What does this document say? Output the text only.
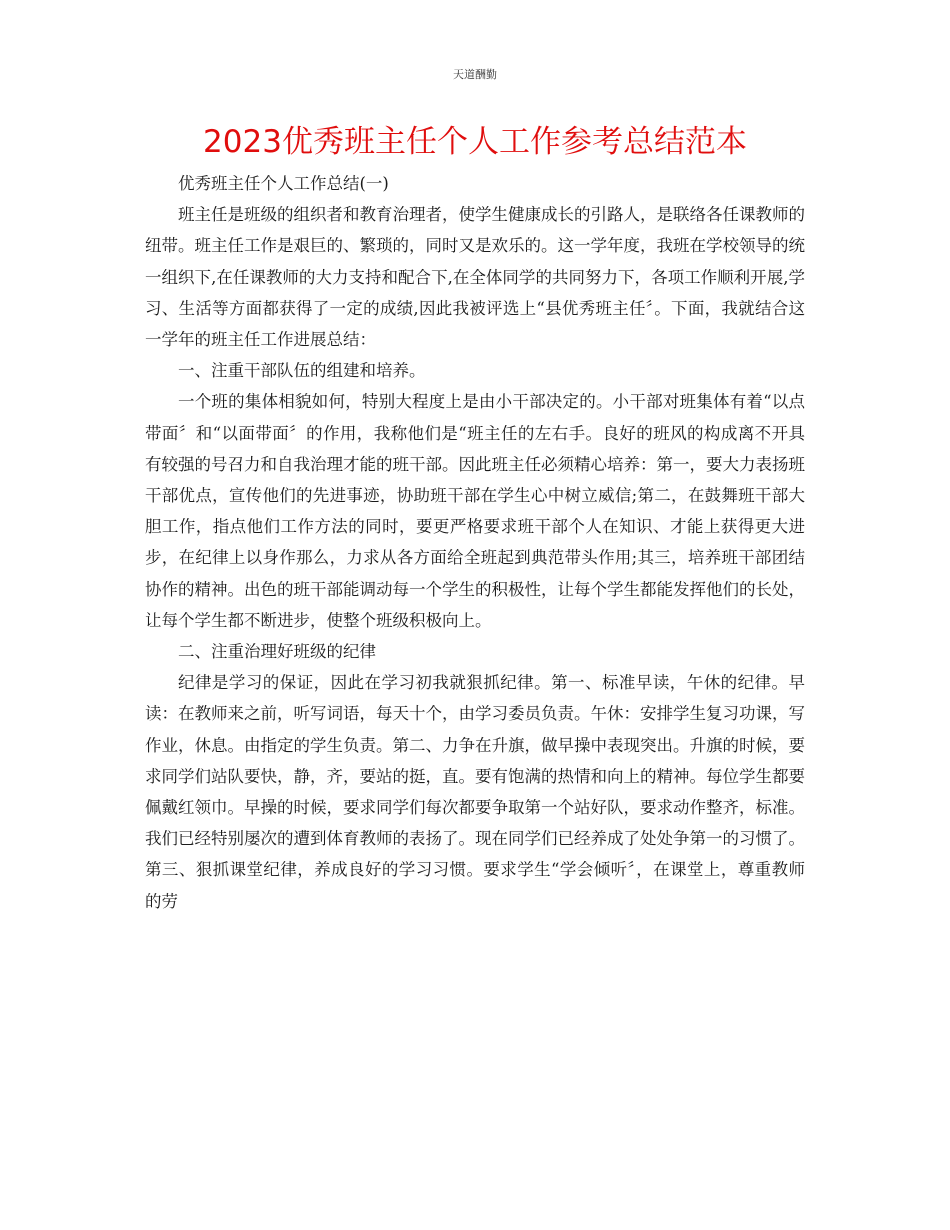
天道酬勤
2023优秀班主任个人工作参考总结范本

优秀班主任个人工作总结(一)

班主任是班级的组织者和教育治理者，使学生健康成长的引路人，是联络各任课教师的纽带。班主任工作是艰巨的、繁琐的，同时又是欢乐的。这一学年度，我班在学校领导的统一组织下,在任课教师的大力支持和配合下,在全体同学的共同努力下，各项工作顺利开展,学习、生活等方面都获得了一定的成绩,因此我被评选上“县优秀班主任〞。下面，我就结合这一学年的班主任工作进展总结：

一、注重干部队伍的组建和培养。

一个班的集体相貌如何，特别大程度上是由小干部决定的。小干部对班集体有着“以点带面〞和“以面带面〞的作用，我称他们是“班主任的左右手。良好的班风的构成离不开具有较强的号召力和自我治理才能的班干部。因此班主任必须精心培养：第一，要大力表扬班干部优点，宣传他们的先进事迹，协助班干部在学生心中树立威信;第二，在鼓舞班干部大胆工作，指点他们工作方法的同时，要更严格要求班干部个人在知识、才能上获得更大进步，在纪律上以身作那么，力求从各方面给全班起到典范带头作用;其三，培养班干部团结协作的精神。出色的班干部能调动每一个学生的积极性，让每个学生都能发挥他们的长处，让每个学生都不断进步，使整个班级积极向上。

二、注重治理好班级的纪律

纪律是学习的保证，因此在学习初我就狠抓纪律。第一、标准早读，午休的纪律。早读：在教师来之前，听写词语，每天十个，由学习委员负责。午休：安排学生复习功课，写作业，休息。由指定的学生负责。第二、力争在升旗，做早操中表现突出。升旗的时候，要求同学们站队要快，静，齐，要站的挺，直。要有饱满的热情和向上的精神。每位学生都要佩戴红领巾。早操的时候，要求同学们每次都要争取第一个站好队，要求动作整齐，标准。我们已经特别屡次的遭到体育教师的表扬了。现在同学们已经养成了处处争第一的习惯了。第三、狠抓课堂纪律，养成良好的学习习惯。要求学生“学会倾听〞，在课堂上，尊重教师的劳
